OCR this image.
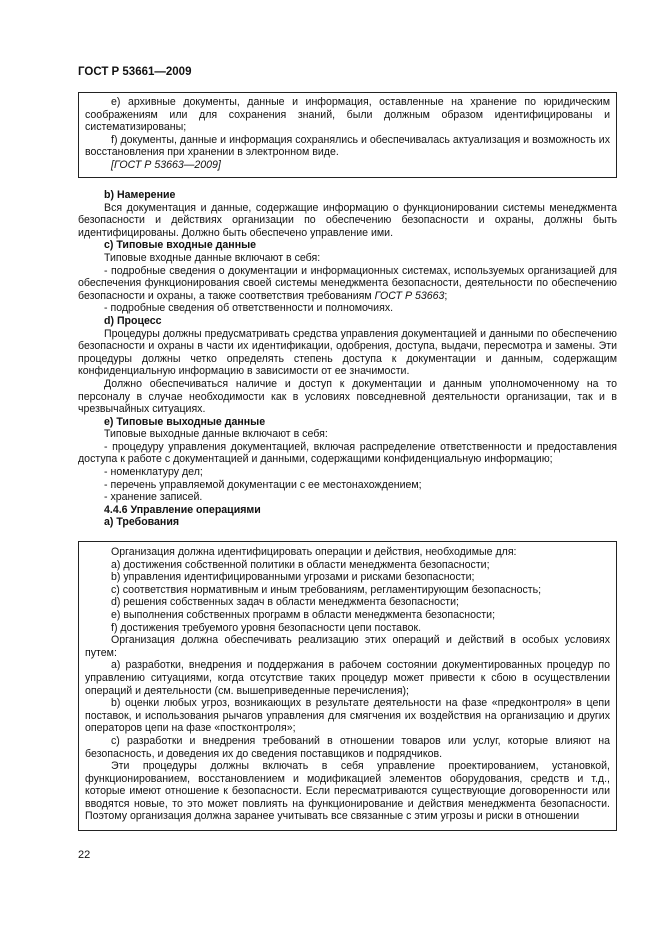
ГОСТ Р 53661—2009

e) архивные документы, данные и информация, оставленные на хранение по юридическим соображениям или для сохранения знаний, были должным образом идентифицированы и систематизированы;

f) документы, данные и информация сохранялись и обеспечивалась актуализация и возможность их восстановления при хранении в электронном виде.

[ГОСТ Р 53663—2009]

b) Намерение

Вся документация и данные, содержащие информацию о функционировании системы менеджмента безопасности и действиях организации по обеспечению безопасности и охраны, должны быть идентифицированы. Должно быть обеспечено управление ими.

c) Типовые входные данные

Типовые входные данные включают в себя:

- подробные сведения о документации и информационных системах, используемых организацией для обеспечения функционирования своей системы менеджмента безопасности, деятельности по обеспечению безопасности и охраны, а также соответствия требованиям ГОСТ Р 53663;

- подробные сведения об ответственности и полномочиях.

d) Процесс

Процедуры должны предусматривать средства управления документацией и данными по обеспечению безопасности и охраны в части их идентификации, одобрения, доступа, выдачи, пересмотра и замены. Эти процедуры должны четко определять степень доступа к документации и данным, содержащим конфиденциальную информацию в зависимости от ее значимости.

Должно обеспечиваться наличие и доступ к документации и данным уполномоченному на то персоналу в случае необходимости как в условиях повседневной деятельности организации, так и в чрезвычайных ситуациях.

e) Типовые выходные данные

Типовые выходные данные включают в себя:

- процедуру управления документацией, включая распределение ответственности и предоставления доступа к работе с документацией и данными, содержащими конфиденциальную информацию;

- номенклатуру дел;

- перечень управляемой документации с ее местонахождением;

- хранение записей.

4.4.6 Управление операциями

a) Требования

Организация должна идентифицировать операции и действия, необходимые для:

a) достижения собственной политики в области менеджмента безопасности;

b) управления идентифицированными угрозами и рисками безопасности;

c) соответствия нормативным и иным требованиям, регламентирующим безопасность;

d) решения собственных задач в области менеджмента безопасности;

e) выполнения собственных программ в области менеджмента безопасности;

f) достижения требуемого уровня безопасности цепи поставок.

Организация должна обеспечивать реализацию этих операций и действий в особых условиях путем:

a) разработки, внедрения и поддержания в рабочем состоянии документированных процедур по управлению ситуациями, когда отсутствие таких процедур может привести к сбою в осуществлении операций и деятельности (см. вышеприведенные перечисления);

b) оценки любых угроз, возникающих в результате деятельности на фазе «предконтроля» в цепи поставок, и использования рычагов управления для смягчения их воздействия на организацию и других операторов цепи на фазе «постконтроля»;

c) разработки и внедрения требований в отношении товаров или услуг, которые влияют на безопасность, и доведения их до сведения поставщиков и подрядчиков.

Эти процедуры должны включать в себя управление проектированием, установкой, функционированием, восстановлением и модификацией элементов оборудования, средств и т.д., которые имеют отношение к безопасности. Если пересматриваются существующие договоренности или вводятся новые, то это может повлиять на функционирование и действия менеджмента безопасности. Поэтому организация должна заранее учитывать все связанные с этим угрозы и риски в отношении

22
